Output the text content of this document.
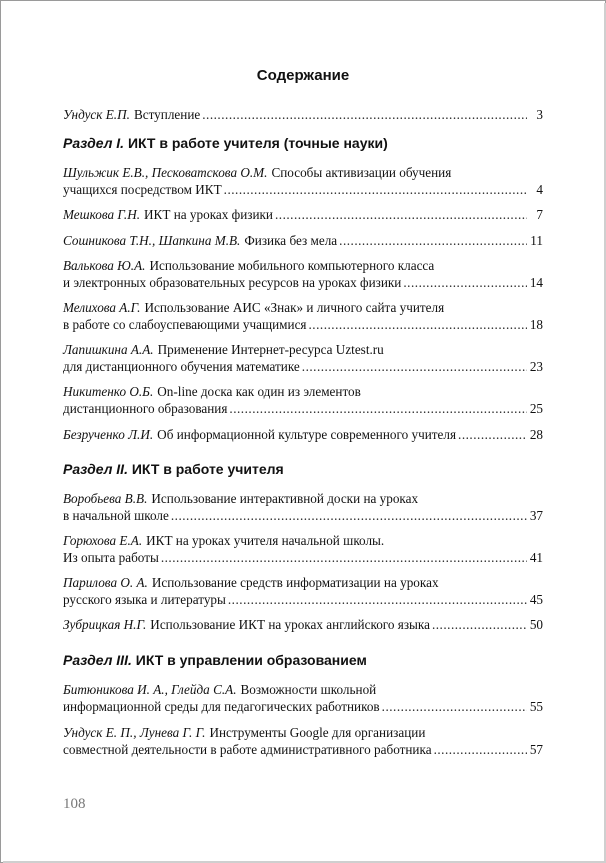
Содержание
Ундуск Е.П. Вступление .....	3
Раздел I. ИКТ в работе учителя (точные науки)
Шульжик Е.В., Песковатскова О.М. Способы активизации обучения
учащихся посредством ИКТ .....	4
Мешкова Г.Н. ИКТ на уроках физики .....	7
Сошникова Т.Н., Шапкина М.В. Физика без мела .....	11
Валькова Ю.А. Использование мобильного компьютерного класса
и электронных образовательных ресурсов на уроках физики .....	14
Мелихова А.Г. Использование АИС «Знак» и личного сайта учителя
в работе со слабоуспевающими учащимися .....	18
Лапишкина А.А. Применение Интернет-ресурса Uztest.ru
для дистанционного обучения математике .....	23
Никитенко О.Б. On-line доска как один из элементов
дистанционного образования .....	25
Безрученко Л.И. Об информационной культуре современного учителя .....	28
Раздел II. ИКТ в работе учителя
Воробьева В.В. Использование интерактивной доски на уроках
в начальной школе .....	37
Горюхова Е.А. ИКТ на уроках учителя начальной школы.
Из опыта работы .....	41
Парилова О. А. Использование средств информатизации на уроках
русского языка и литературы .....	45
Зубрицкая Н.Г. Использование ИКТ на уроках английского языка .....	50
Раздел III. ИКТ в управлении образованием
Битюникова И. А., Глейда С.А. Возможности школьной
информационной среды для педагогических работников .....	55
Ундуск Е. П., Лунева Г. Г. Инструменты Google для организации
совместной деятельности в работе административного работника .....	57
108
